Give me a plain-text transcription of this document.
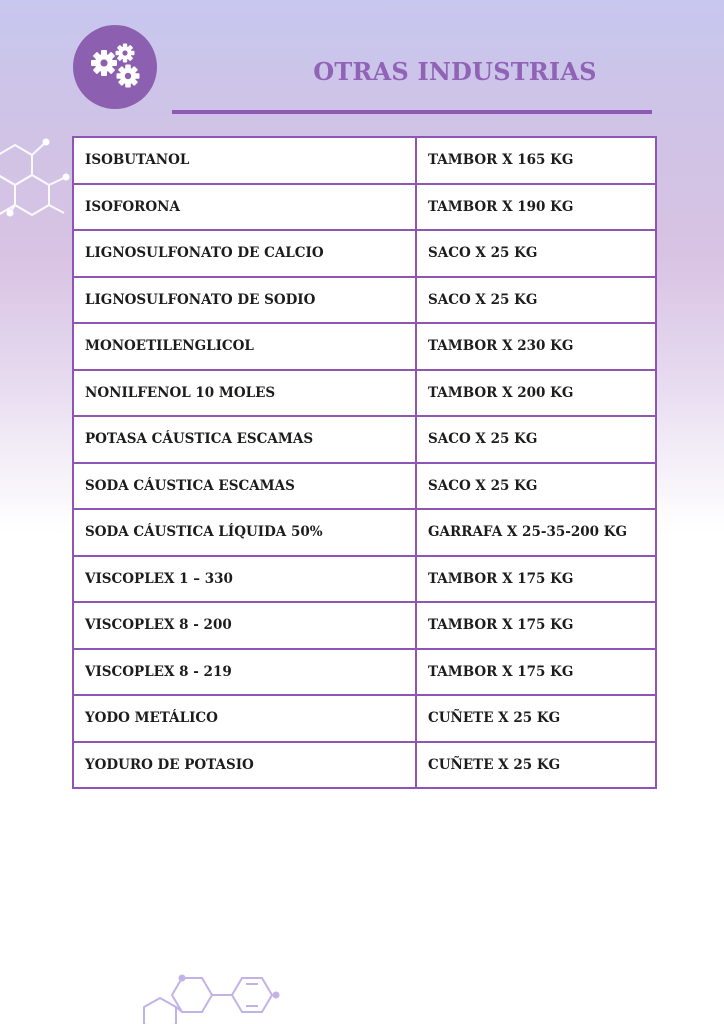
OTRAS INDUSTRIAS
ISOBUTANOL	TAMBOR X 165 KG
ISOFORONA	TAMBOR X 190 KG
LIGNOSULFONATO DE CALCIO	SACO X 25 KG
LIGNOSULFONATO DE SODIO	SACO X 25 KG
MONOETILENGLICOL	TAMBOR X 230 KG
NONILFENOL 10 MOLES	TAMBOR X 200 KG
POTASA CÁUSTICA ESCAMAS	SACO X 25 KG
SODA CÁUSTICA ESCAMAS	SACO X 25 KG
SODA CÁUSTICA LÍQUIDA 50%	GARRAFA X 25-35-200 KG
VISCOPLEX 1 – 330	TAMBOR X 175 KG
VISCOPLEX 8 - 200	TAMBOR X 175 KG
VISCOPLEX 8 - 219	TAMBOR X 175 KG
YODO METÁLICO	CUÑETE X 25 KG
YODURO DE POTASIO	CUÑETE X 25 KG
